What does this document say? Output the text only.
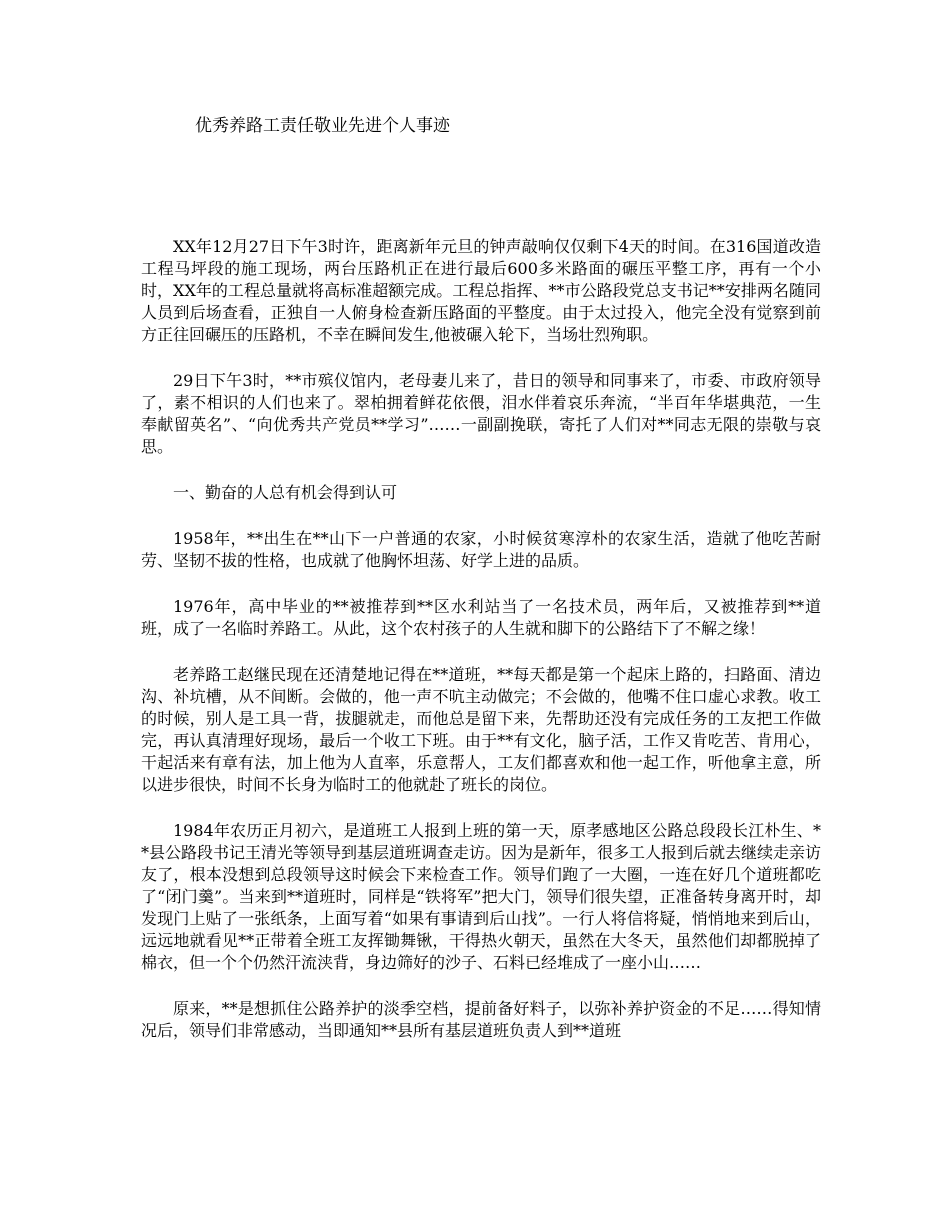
优秀养路工责任敬业先进个人事迹

XX年12月27日下午3时许，距离新年元旦的钟声敲响仅仅剩下4天的时间。在316国道改造工程马坪段的施工现场，两台压路机正在进行最后600多米路面的碾压平整工序，再有一个小时，XX年的工程总量就将高标准超额完成。工程总指挥、**市公路段党总支书记**安排两名随同人员到后场查看，正独自一人俯身检查新压路面的平整度。由于太过投入，他完全没有觉察到前方正往回碾压的压路机，不幸在瞬间发生,他被碾入轮下，当场壮烈殉职。

29日下午3时，**市殡仪馆内，老母妻儿来了，昔日的领导和同事来了，市委、市政府领导了，素不相识的人们也来了。翠柏拥着鲜花依偎，泪水伴着哀乐奔流，“半百年华堪典范，一生奉献留英名”、“向优秀共产党员**学习”……一副副挽联，寄托了人们对**同志无限的崇敬与哀思。

一、勤奋的人总有机会得到认可

1958年，**出生在**山下一户普通的农家，小时候贫寒淳朴的农家生活，造就了他吃苦耐劳、坚韧不拔的性格，也成就了他胸怀坦荡、好学上进的品质。

1976年，高中毕业的**被推荐到**区水利站当了一名技术员，两年后，又被推荐到**道班，成了一名临时养路工。从此，这个农村孩子的人生就和脚下的公路结下了不解之缘！

老养路工赵继民现在还清楚地记得在**道班，**每天都是第一个起床上路的，扫路面、清边沟、补坑槽，从不间断。会做的，他一声不吭主动做完；不会做的，他嘴不住口虚心求教。收工的时候，别人是工具一背，拔腿就走，而他总是留下来，先帮助还没有完成任务的工友把工作做完，再认真清理好现场，最后一个收工下班。由于**有文化，脑子活，工作又肯吃苦、肯用心，干起活来有章有法，加上他为人直率，乐意帮人，工友们都喜欢和他一起工作，听他拿主意，所以进步很快，时间不长身为临时工的他就赴了班长的岗位。

1984年农历正月初六，是道班工人报到上班的第一天，原孝感地区公路总段段长江朴生、**县公路段书记王清光等领导到基层道班调查走访。因为是新年，很多工人报到后就去继续走亲访友了，根本没想到总段领导这时候会下来检查工作。领导们跑了一大圈，一连在好几个道班都吃了“闭门羹”。当来到**道班时，同样是“铁将军”把大门，领导们很失望，正准备转身离开时，却发现门上贴了一张纸条，上面写着“如果有事请到后山找”。一行人将信将疑，悄悄地来到后山，远远地就看见**正带着全班工友挥锄舞锹，干得热火朝天，虽然在大冬天，虽然他们却都脱掉了棉衣，但一个个仍然汗流浃背，身边筛好的沙子、石料已经堆成了一座小山……

原来，**是想抓住公路养护的淡季空档，提前备好料子，以弥补养护资金的不足……得知情况后，领导们非常感动，当即通知**县所有基层道班负责人到**道班
